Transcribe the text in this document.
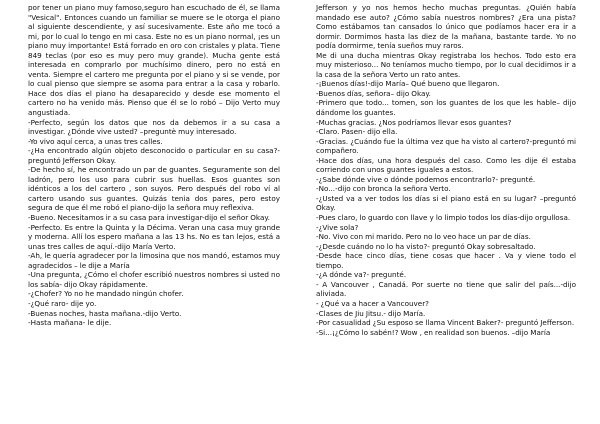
por tener un piano muy famoso,seguro han escuchado de él, se llama "Vesical". Entonces cuando un familiar se muere se le otorga el piano al siguiente descendiente, y así sucesivamente. Este año me tocó a mi, por lo cual lo tengo en mi casa. Este no es un piano normal, ¡es un piano muy importante! Está forrado en oro con cristales y plata. Tiene 849 teclas (por eso es muy pero muy grande). Mucha gente está interesada en comprarlo por muchísimo dinero, pero no está en venta. Siempre el cartero me pregunta por el piano y si se vende, por lo cual pienso que siempre se asoma para entrar a la casa y robarlo. Hace dos días el piano ha desaparecido y desde ese momento el cartero no ha venido más. Pienso que él se lo robó – Dijo Verto muy angustiada.

-Perfecto, según los datos que nos da debemos ir a su casa a investigar. ¿Dónde vive usted? –preguntè muy interesado.

-Yo vivo aquí cerca, a unas tres calles.

-¿Ha encontrado algún objeto desconocido o particular en su casa?-preguntó Jefferson Okay.

-De hecho sí, he encontrado un par de guantes. Seguramente son del ladrón, pero los uso para cubrir sus huellas. Esos guantes son idénticos a los del cartero , son suyos. Pero después del robo ví al cartero usando sus guantes. Quizás tenia dos pares, pero estoy segura de que él me robó el piano-dijo la señora muy reflexiva.

-Bueno. Necesitamos ir a su casa para investigar-dijo el señor Okay.

-Perfecto. Es entre la Quinta y la Décima. Veran una casa muy grande y moderna. Allí los espero mañana a las 13 hs. No es tan lejos, está a unas tres calles de aquí.-dijo María Verto.

-Ah, le quería agradecer por la limosina que nos mandó, estamos muy agradecidos – le dije a María

-Una pregunta, ¿Cómo el chofer escribió nuestros nombres si usted no los sabía- dijo Okay rápidamente.

-¿Chofer? Yo no he mandado ningún chofer.

-¿Qué raro- dije yo.

-Buenas noches, hasta mañana.-dijo Verto.

-Hasta mañana- le dije.

Jefferson y yo nos hemos hecho muchas preguntas. ¿Quién había mandado ese auto? ¿Cómo sabía nuestros nombres? ¿Era una pista? Como estábamos tan cansados lo único que podíamos hacer era ir a dormir. Dormimos hasta las diez de la mañana, bastante tarde. Yo no podía dormirme, tenía sueños muy raros.

Me di una ducha mientras Okay registraba los hechos. Todo esto era muy misterioso... No teníamos mucho tiempo, por lo cual decidimos ir a la casa de la señora Verto un rato antes.

-¡Buenos días!-dijo María– Qué bueno que llegaron.

-Buenos días, señora– dijo Okay.

-Primero que todo... tomen, son los guantes de los que les hable– dijo dándome los guantes.

-Muchas gracias. ¿Nos podríamos llevar esos guantes?

-Claro. Pasen- dijo ella.

-Gracias. ¿Cuándo fue la última vez que ha visto al cartero?-preguntó mi compañero.

-Hace dos días, una hora después del caso. Como les dije él estaba corriendo con unos guantes iguales a estos.

-¿Sabe dónde vive o dónde podemos encontrarlo?- pregunté.

-No...-dijo con bronca la señora Verto.

-¿Usted va a ver todos los días si el piano está en su lugar? –preguntó Okay.

-Pues claro, lo guardo con llave y lo limpio todos los días-dijo orgullosa.

-¿Vive sola?

-No. Vivo con mi marido. Pero no lo veo hace un par de días.

-¿Desde cuándo no lo ha visto?- preguntó Okay sobresaltado.

-Desde hace cinco días, tiene cosas que hacer . Va y viene todo el tiempo.

-¿A dónde va?- pregunté.

- A Vancouver , Canadá. Por suerte no tiene que salir del país...-dijo aliviada.

- ¿Qué va a hacer a Vancouver?

-Clases de Jiu Jitsu.- dijo María.

-Por casualidad ¿Su esposo se llama Vincent Baker?- preguntó Jefferson.

-Si...¡¿Cómo lo sabén!? Wow , en realidad son buenos. –dijo María
